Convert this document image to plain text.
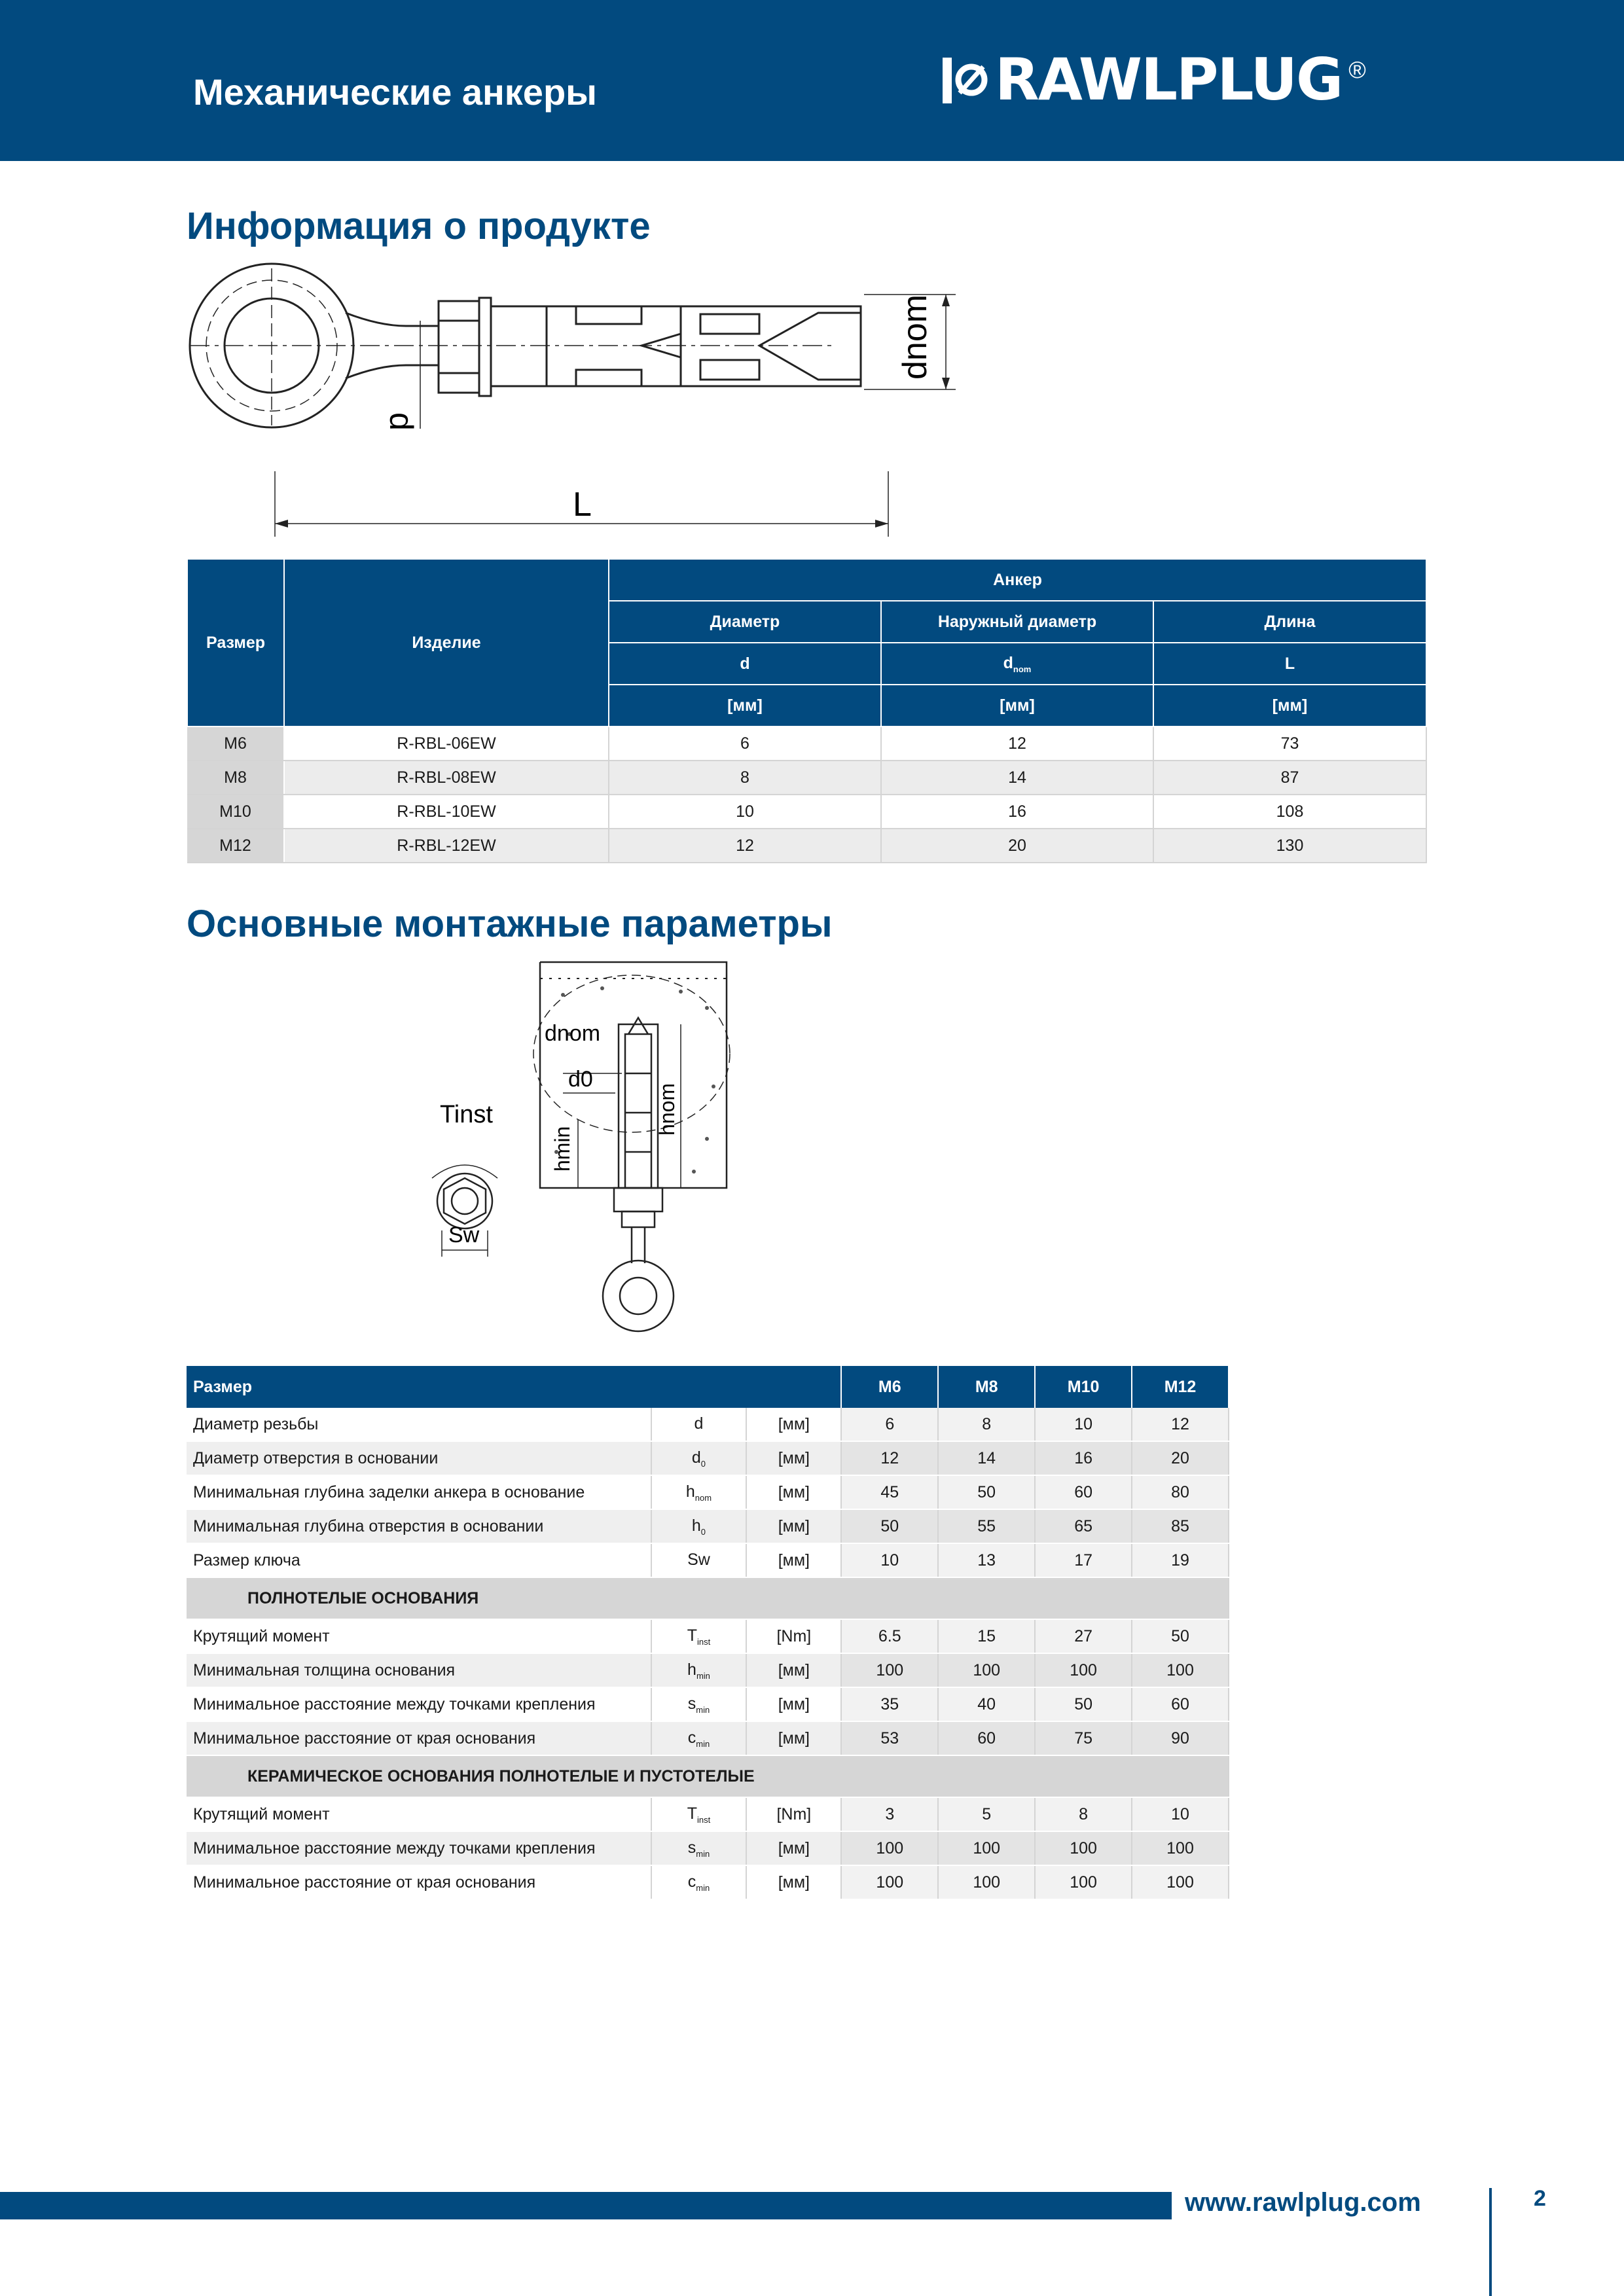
Механические анкеры	RAWLPLUG ®
Информация о продукте
d
dnom
L
Размер	Изделие	Анкер		
		Диаметр	Наружный диаметр	Длина
		d	$d_{nom}$	L
		[мм]	[мм]	[мм]
M6	R-RBL-06EW	6	12	73
M8	R-RBL-08EW	8	14	87
M10	R-RBL-10EW	10	16	108
M12	R-RBL-12EW	12	20	130
Основные монтажные параметры
dnom
d0
hmin
hnom
Tinst
Sw
Размер			M6	M8	M10	M12
Диаметр резьбы	d	[мм]	6	8	10	12
Диаметр отверстия в основании	$d_0$	[мм]	12	14	16	20
Минимальная глубина заделки анкера в основание	$h_{nom}$	[мм]	45	50	60	80
Минимальная глубина отверстия в основании	$h_0$	[мм]	50	55	65	85
Размер ключа	Sw	[мм]	10	13	17	19
ПОЛНОТЕЛЫЕ ОСНОВАНИЯ						
Крутящий момент	$T_{inst}$	[Nm]	6.5	15	27	50
Минимальная толщина основания	$h_{min}$	[мм]	100	100	100	100
Минимальное расстояние между точками крепления	$s_{min}$	[мм]	35	40	50	60
Минимальное расстояние от края основания	$c_{min}$	[мм]	53	60	75	90
КЕРАМИЧЕСКОЕ ОСНОВАНИЯ ПОЛНОТЕЛЫЕ И ПУСТОТЕЛЫЕ						
Крутящий момент	$T_{inst}$	[Nm]	3	5	8	10
Минимальное расстояние между точками крепления	$s_{min}$	[мм]	100	100	100	100
Минимальное расстояние от края основания	$c_{min}$	[мм]	100	100	100	100
www.rawlplug.com	2
